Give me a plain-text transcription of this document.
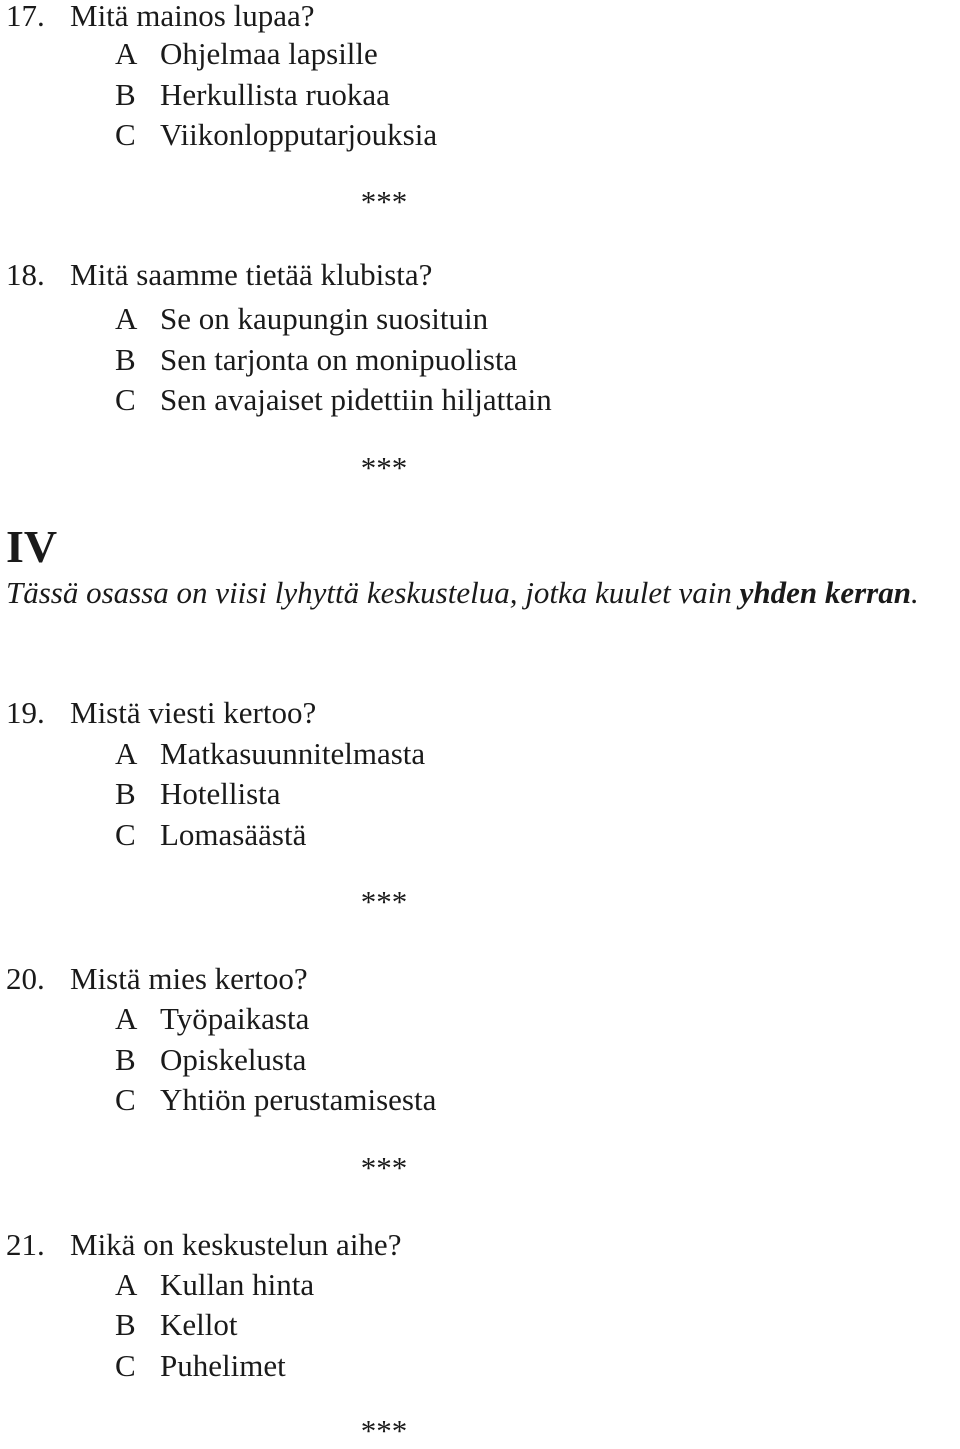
17. Mitä mainos lupaa?
A Ohjelmaa lapsille
B Herkullista ruokaa
C Viikonlopputarjouksia
***
18. Mitä saamme tietää klubista?
A Se on kaupungin suosituin
B Sen tarjonta on monipuolista
C Sen avajaiset pidettiin hiljattain
***
IV
Tässä osassa on viisi lyhyttä keskustelua, jotka kuulet vain yhden kerran.
19. Mistä viesti kertoo?
A Matkasuunnitelmasta
B Hotellista
C Lomasäästä
***
20. Mistä mies kertoo?
A Työpaikasta
B Opiskelusta
C Yhtiön perustamisesta
***
21. Mikä on keskustelun aihe?
A Kullan hinta
B Kellot
C Puhelimet
***
